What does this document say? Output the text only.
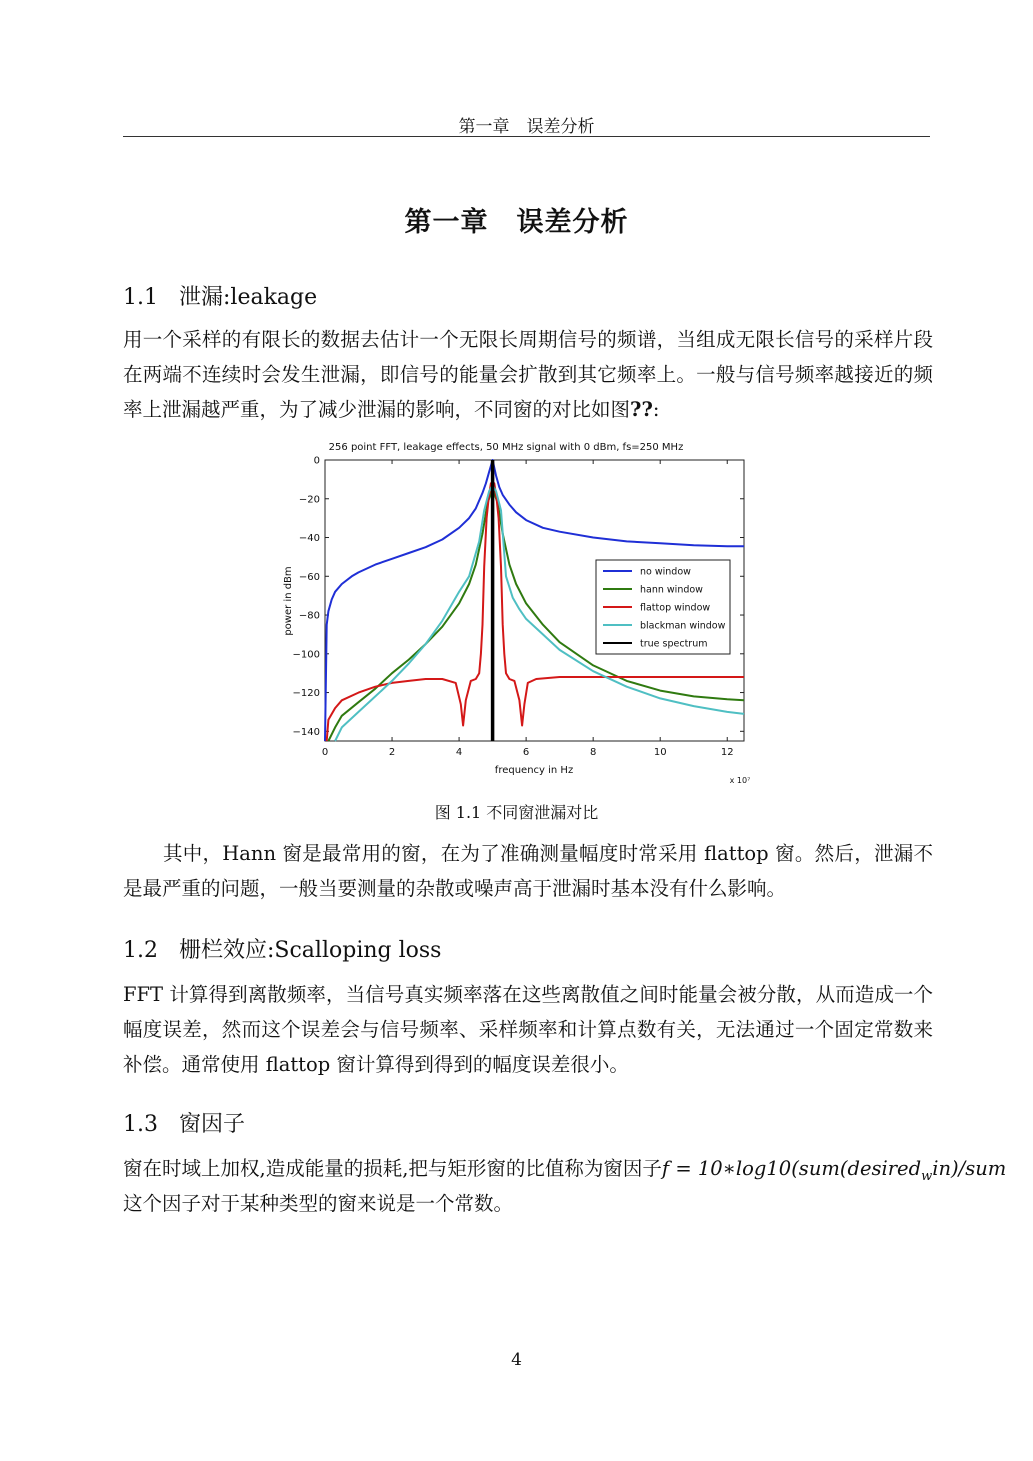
第一章　误差分析
第一章　误差分析
1.1 泄漏:leakage
用一个采样的有限长的数据去估计一个无限长周期信号的频谱，当组成无限长信号的采样片段在两端不连续时会发生泄漏，即信号的能量会扩散到其它频率上。一般与信号频率越接近的频率上泄漏越严重，为了减少泄漏的影响，不同窗的对比如图??:
256 point FFT, leakage effects, 50 MHz signal with 0 dBm, fs=250 MHz
0	2	4	6	8	10	12
0
−20
−40
−60
−80
−100
−120
−140
no window
hann window
flattop window
blackman window
true spectrum
frequency in Hz
x 10⁷
power in dBm
图 1.1 不同窗泄漏对比
其中，Hann 窗是最常用的窗，在为了准确测量幅度时常采用 flattop 窗。然后，泄漏不是最严重的问题，一般当要测量的杂散或噪声高于泄漏时基本没有什么影响。
1.2 栅栏效应:Scalloping loss
FFT 计算得到离散频率，当信号真实频率落在这些离散值之间时能量会被分散，从而造成一个幅度误差，然而这个误差会与信号频率、采样频率和计算点数有关，无法通过一个固定常数来补偿。通常使用 flattop 窗计算得到得到的幅度误差很小。
1.3 窗因子
窗在时域上加权,造成能量的损耗,把与矩形窗的比值称为窗因子f = 10∗log10(sum(desired$_w$in)/sum
这个因子对于某种类型的窗来说是一个常数。
4
